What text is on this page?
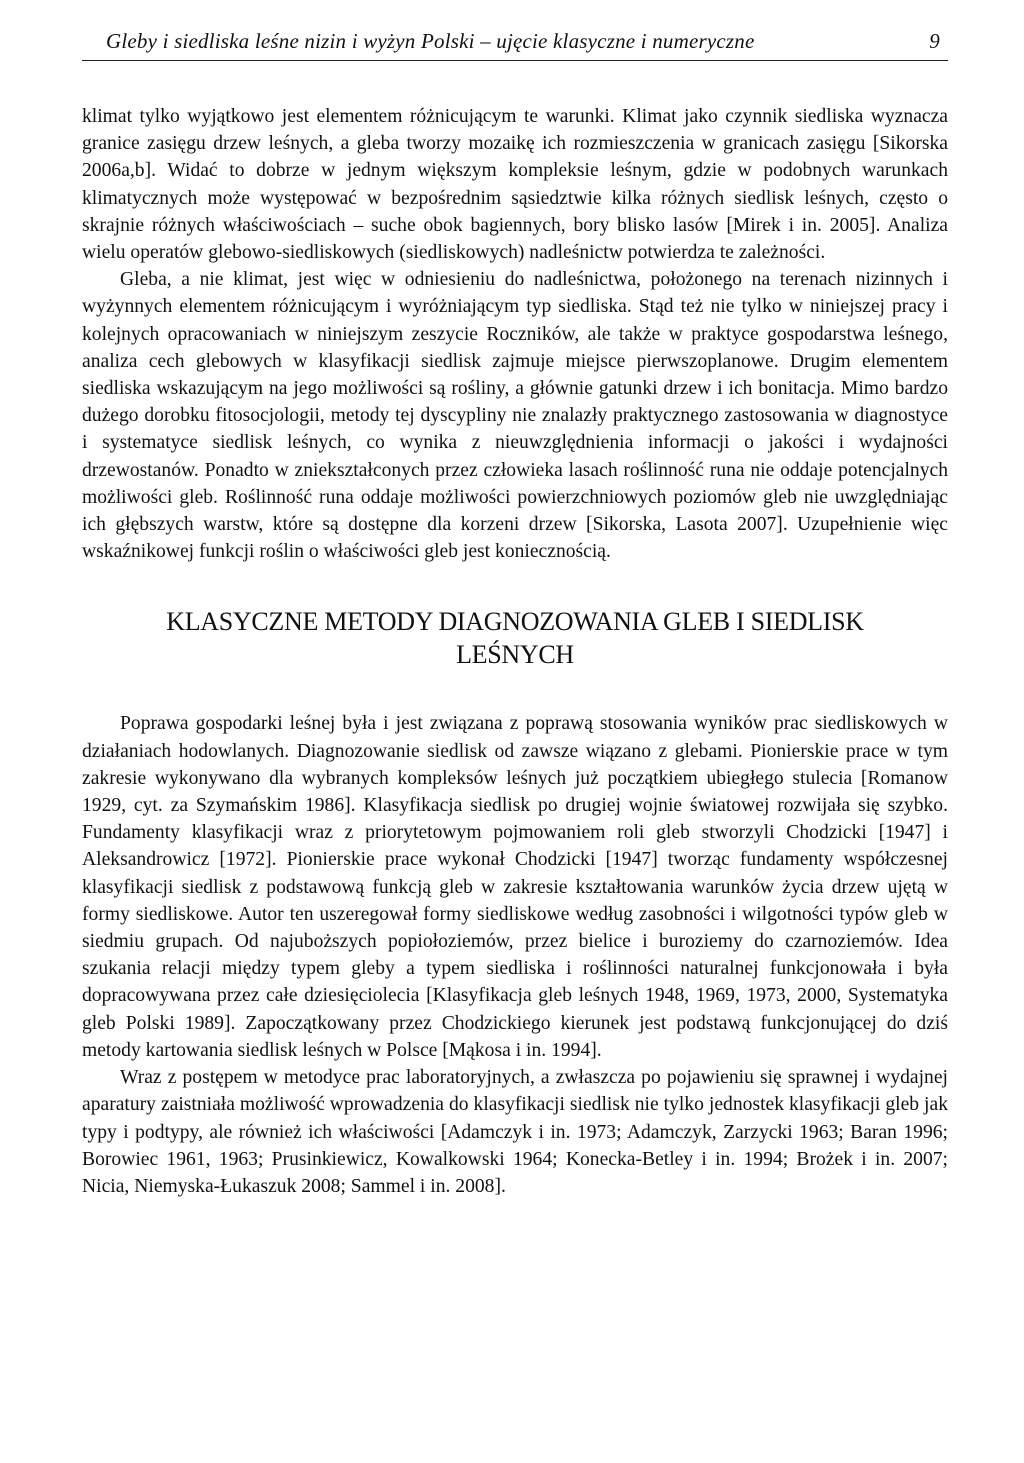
Gleby i siedliska leśne nizin i wyżyn Polski – ujęcie klasyczne i numeryczne	9

klimat tylko wyjątkowo jest elementem różnicującym te warunki. Klimat jako czynnik siedliska wyznacza granice zasięgu drzew leśnych, a gleba tworzy mozaikę ich rozmieszczenia w granicach zasięgu [Sikorska 2006a,b]. Widać to dobrze w jednym większym kompleksie leśnym, gdzie w podobnych warunkach klimatycznych może występować w bezpośrednim sąsiedztwie kilka różnych siedlisk leśnych, często o skrajnie różnych właściwościach – suche obok bagiennych, bory blisko lasów [Mirek i in. 2005]. Analiza wielu operatów glebowo-siedliskowych (siedliskowych) nadleśnictw potwierdza te zależności.

Gleba, a nie klimat, jest więc w odniesieniu do nadleśnictwa, położonego na terenach nizinnych i wyżynnych elementem różnicującym i wyróżniającym typ siedliska. Stąd też nie tylko w niniejszej pracy i kolejnych opracowaniach w niniejszym zeszycie Roczników, ale także w praktyce gospodarstwa leśnego, analiza cech glebowych w klasyfikacji siedlisk zajmuje miejsce pierwszoplanowe. Drugim elementem siedliska wskazującym na jego możliwości są rośliny, a głównie gatunki drzew i ich bonitacja. Mimo bardzo dużego dorobku fitosocjologii, metody tej dyscypliny nie znalazły praktycznego zastosowania w diagnostyce i systematyce siedlisk leśnych, co wynika z nieuwzględnienia informacji o jakości i wydajności drzewostanów. Ponadto w zniekształconych przez człowieka lasach roślinność runa nie oddaje potencjalnych możliwości gleb. Roślinność runa oddaje możliwości powierzchniowych poziomów gleb nie uwzględniając ich głębszych warstw, które są dostępne dla korzeni drzew [Sikorska, Lasota 2007]. Uzupełnienie więc wskaźnikowej funkcji roślin o właściwości gleb jest koniecznością.

KLASYCZNE METODY DIAGNOZOWANIA GLEB I SIEDLISK
LEŚNYCH

Poprawa gospodarki leśnej była i jest związana z poprawą stosowania wyników prac siedliskowych w działaniach hodowlanych. Diagnozowanie siedlisk od zawsze wiązano z glebami. Pionierskie prace w tym zakresie wykonywano dla wybranych kompleksów leśnych już początkiem ubiegłego stulecia [Romanow 1929, cyt. za Szymańskim 1986]. Klasyfikacja siedlisk po drugiej wojnie światowej rozwijała się szybko. Fundamenty klasyfikacji wraz z priorytetowym pojmowaniem roli gleb stworzyli Chodzicki [1947] i Aleksandrowicz [1972]. Pionierskie prace wykonał Chodzicki [1947] tworząc fundamenty współczesnej klasyfikacji siedlisk z podstawową funkcją gleb w zakresie kształtowania warunków życia drzew ujętą w formy siedliskowe. Autor ten uszeregował formy siedliskowe według zasobności i wilgotności typów gleb w siedmiu grupach. Od najuboższych popiołoziemów, przez bielice i buroziemy do czarnoziemów. Idea szukania relacji między typem gleby a typem siedliska i roślinności naturalnej funkcjonowała i była dopracowywana przez całe dziesięciolecia [Klasyfikacja gleb leśnych 1948, 1969, 1973, 2000, Systematyka gleb Polski 1989]. Zapoczątkowany przez Chodzickiego kierunek jest podstawą funkcjonującej do dziś metody kartowania siedlisk leśnych w Polsce [Mąkosa i in. 1994].

Wraz z postępem w metodyce prac laboratoryjnych, a zwłaszcza po pojawieniu się sprawnej i wydajnej aparatury zaistniała możliwość wprowadzenia do klasyfikacji siedlisk nie tylko jednostek klasyfikacji gleb jak typy i podtypy, ale również ich właściwości [Adamczyk i in. 1973; Adamczyk, Zarzycki 1963; Baran 1996; Borowiec 1961, 1963; Prusinkiewicz, Kowalkowski 1964; Konecka-Betley i in. 1994; Brożek i in. 2007; Nicia, Niemyska-Łukaszuk 2008; Sammel i in. 2008].
